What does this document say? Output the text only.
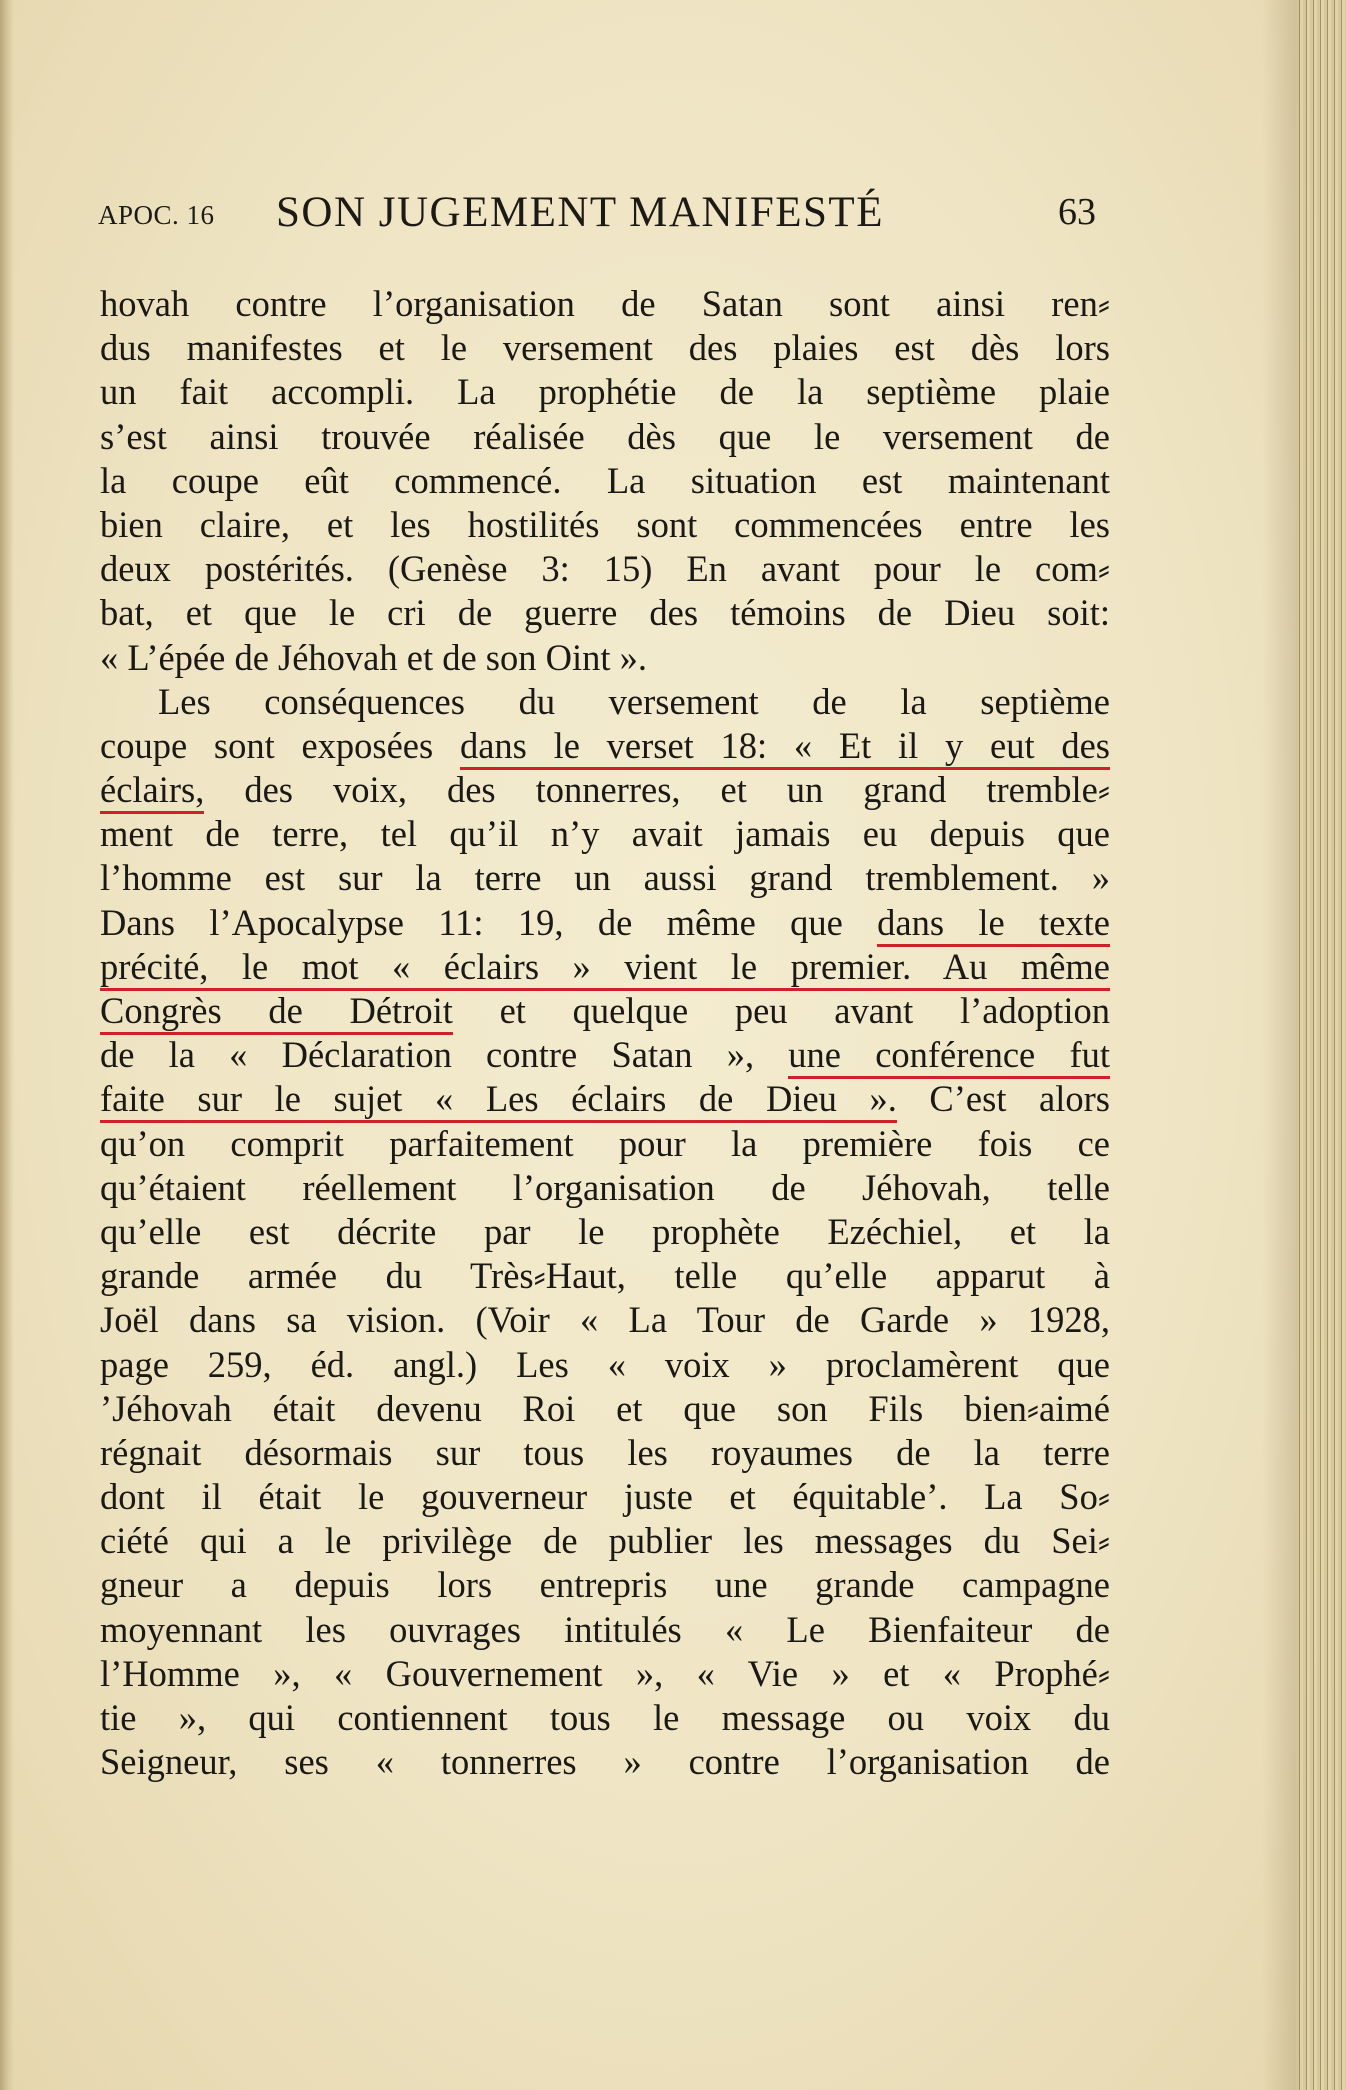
APOC. 16 SON JUGEMENT MANIFESTÉ	63
hovah contre l’organisation de Satan sont ainsi ren⸗
dus manifestes et le versement des plaies est dès lors
un fait accompli. La prophétie de la septième plaie
s’est ainsi trouvée réalisée dès que le versement de
la coupe eût commencé. La situation est maintenant
bien claire, et les hostilités sont commencées entre les
deux postérités. (Genèse 3: 15) En avant pour le com⸗
bat, et que le cri de guerre des témoins de Dieu soit:
« L’épée de Jéhovah et de son Oint ».
Les conséquences du versement de la septième
coupe sont exposées dans le verset 18: « Et il y eut des
éclairs, des voix, des tonnerres, et un grand tremble⸗
ment de terre, tel qu’il n’y avait jamais eu depuis que
l’homme est sur la terre un aussi grand tremblement. »
Dans l’Apocalypse 11: 19, de même que dans le texte
précité, le mot « éclairs » vient le premier. Au même
Congrès de Détroit et quelque peu avant l’adoption
de la « Déclaration contre Satan », une conférence fut
faite sur le sujet « Les éclairs de Dieu ». C’est alors
qu’on comprit parfaitement pour la première fois ce
qu’étaient réellement l’organisation de Jéhovah, telle
qu’elle est décrite par le prophète Ezéchiel, et la
grande armée du Très⸗Haut, telle qu’elle apparut à
Joël dans sa vision. (Voir « La Tour de Garde » 1928,
page 259, éd. angl.) Les « voix » proclamèrent que
’Jéhovah était devenu Roi et que son Fils bien⸗aimé
régnait désormais sur tous les royaumes de la terre
dont il était le gouverneur juste et équitable’. La So⸗
ciété qui a le privilège de publier les messages du Sei⸗
gneur a depuis lors entrepris une grande campagne
moyennant les ouvrages intitulés « Le Bienfaiteur de
l’Homme », « Gouvernement », « Vie » et « Prophé⸗
tie », qui contiennent tous le message ou voix du
Seigneur, ses « tonnerres » contre l’organisation de
